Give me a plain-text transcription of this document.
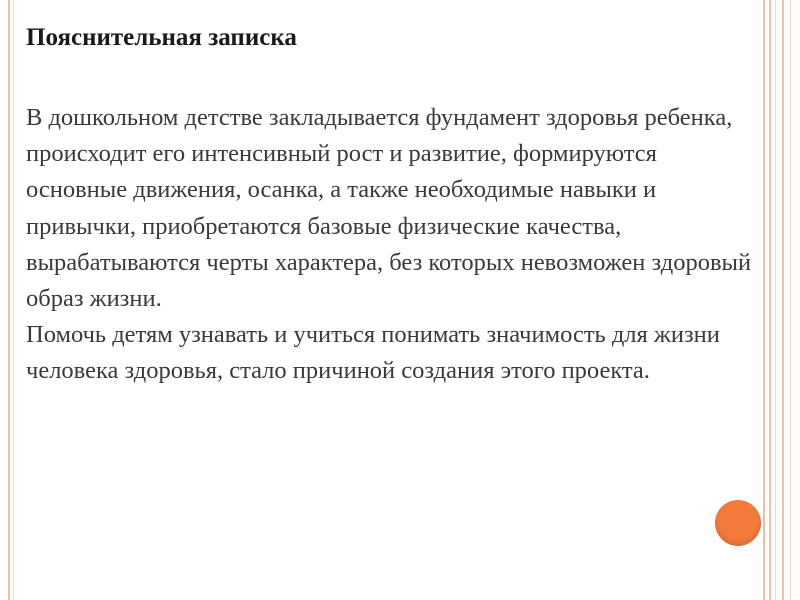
Пояснительная записка

В дошкольном детстве закладывается фундамент здоровья ребенка, происходит его интенсивный рост и развитие, формируются основные движения, осанка, а также необходимые навыки и привычки, приобретаются базовые физические качества, вырабатываются черты характера, без которых невозможен здоровый образ жизни.

Помочь детям узнавать и учиться понимать значимость для жизни человека здоровья, стало причиной создания этого проекта.
